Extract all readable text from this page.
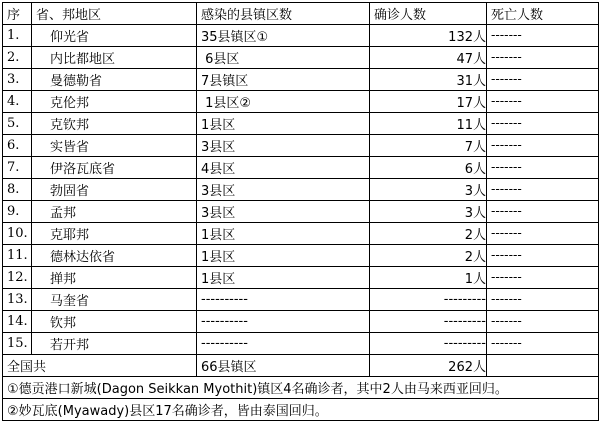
序	省、邦地区	感染的县镇区数	确诊人数	死亡人数
1.	仰光省	35县镇区①	132人	-------
2.	内比都地区	6县区	47人	-------
3.	曼德勒省	7县镇区	31人	-------
4.	克伦邦	1县区②	17人	-------
5.	克钦邦	1县区	11人	-------
6.	实皆省	3县区	7人	-------
7.	伊洛瓦底省	4县区	6人	-------
8.	勃固省	3县区	3人	-------
9.	孟邦	3县区	3人	-------
10.	克耶邦	1县区	2人	-------
11.	德林达依省	1县区	2人	-------
12.	掸邦	1县区	1人	-------
13.	马奎省	----------	---------	-------
14.	钦邦	----------	---------	-------
15.	若开邦	----------	---------	-------
全国共		66县镇区	262人	
①德贡港口新城(Dagon Seikkan Myothit)镇区4名确诊者，其中2人由马来西亚回归。				
②妙瓦底(Myawady)县区17名确诊者，皆由泰国回归。				
